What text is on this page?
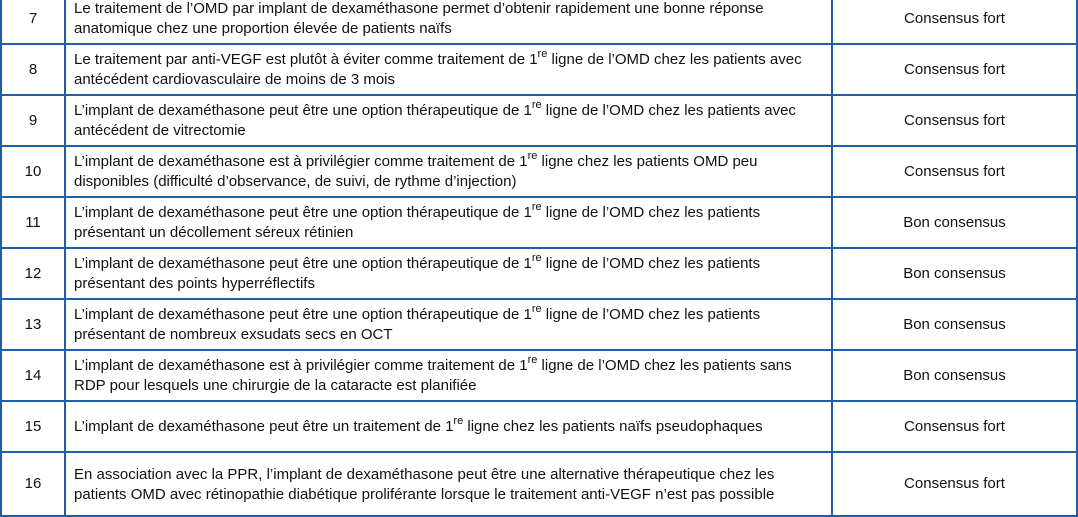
7	Le traitement de l’OMD par implant de dexaméthasone permet d’obtenir rapidement une bonne réponse anatomique chez une proportion élevée de patients naïfs	Consensus fort
8	Le traitement par anti-VEGF est plutôt à éviter comme traitement de 1re ligne de l’OMD chez les patients avec antécédent cardiovasculaire de moins de 3 mois	Consensus fort
9	L’implant de dexaméthasone peut être une option thérapeutique de 1re ligne de l’OMD chez les patients avec antécédent de vitrectomie	Consensus fort
10	L’implant de dexaméthasone est à privilégier comme traitement de 1re ligne chez les patients OMD peu disponibles (difficulté d’observance, de suivi, de rythme d’injection)	Consensus fort
11	L’implant de dexaméthasone peut être une option thérapeutique de 1re ligne de l’OMD chez les patients présentant un décollement séreux rétinien	Bon consensus
12	L’implant de dexaméthasone peut être une option thérapeutique de 1re ligne de l’OMD chez les patients présentant des points hyperréflectifs	Bon consensus
13	L’implant de dexaméthasone peut être une option thérapeutique de 1re ligne de l’OMD chez les patients présentant de nombreux exsudats secs en OCT	Bon consensus
14	L’implant de dexaméthasone est à privilégier comme traitement de 1re ligne de l’OMD chez les patients sans RDP pour lesquels une chirurgie de la cataracte est planifiée	Bon consensus
15	L’implant de dexaméthasone peut être un traitement de 1re ligne chez les patients naïfs pseudophaques	Consensus fort
16	En association avec la PPR, l’implant de dexaméthasone peut être une alternative thérapeutique chez les patients OMD avec rétinopathie diabétique proliférante lorsque le traitement anti-VEGF n’est pas possible	Consensus fort
